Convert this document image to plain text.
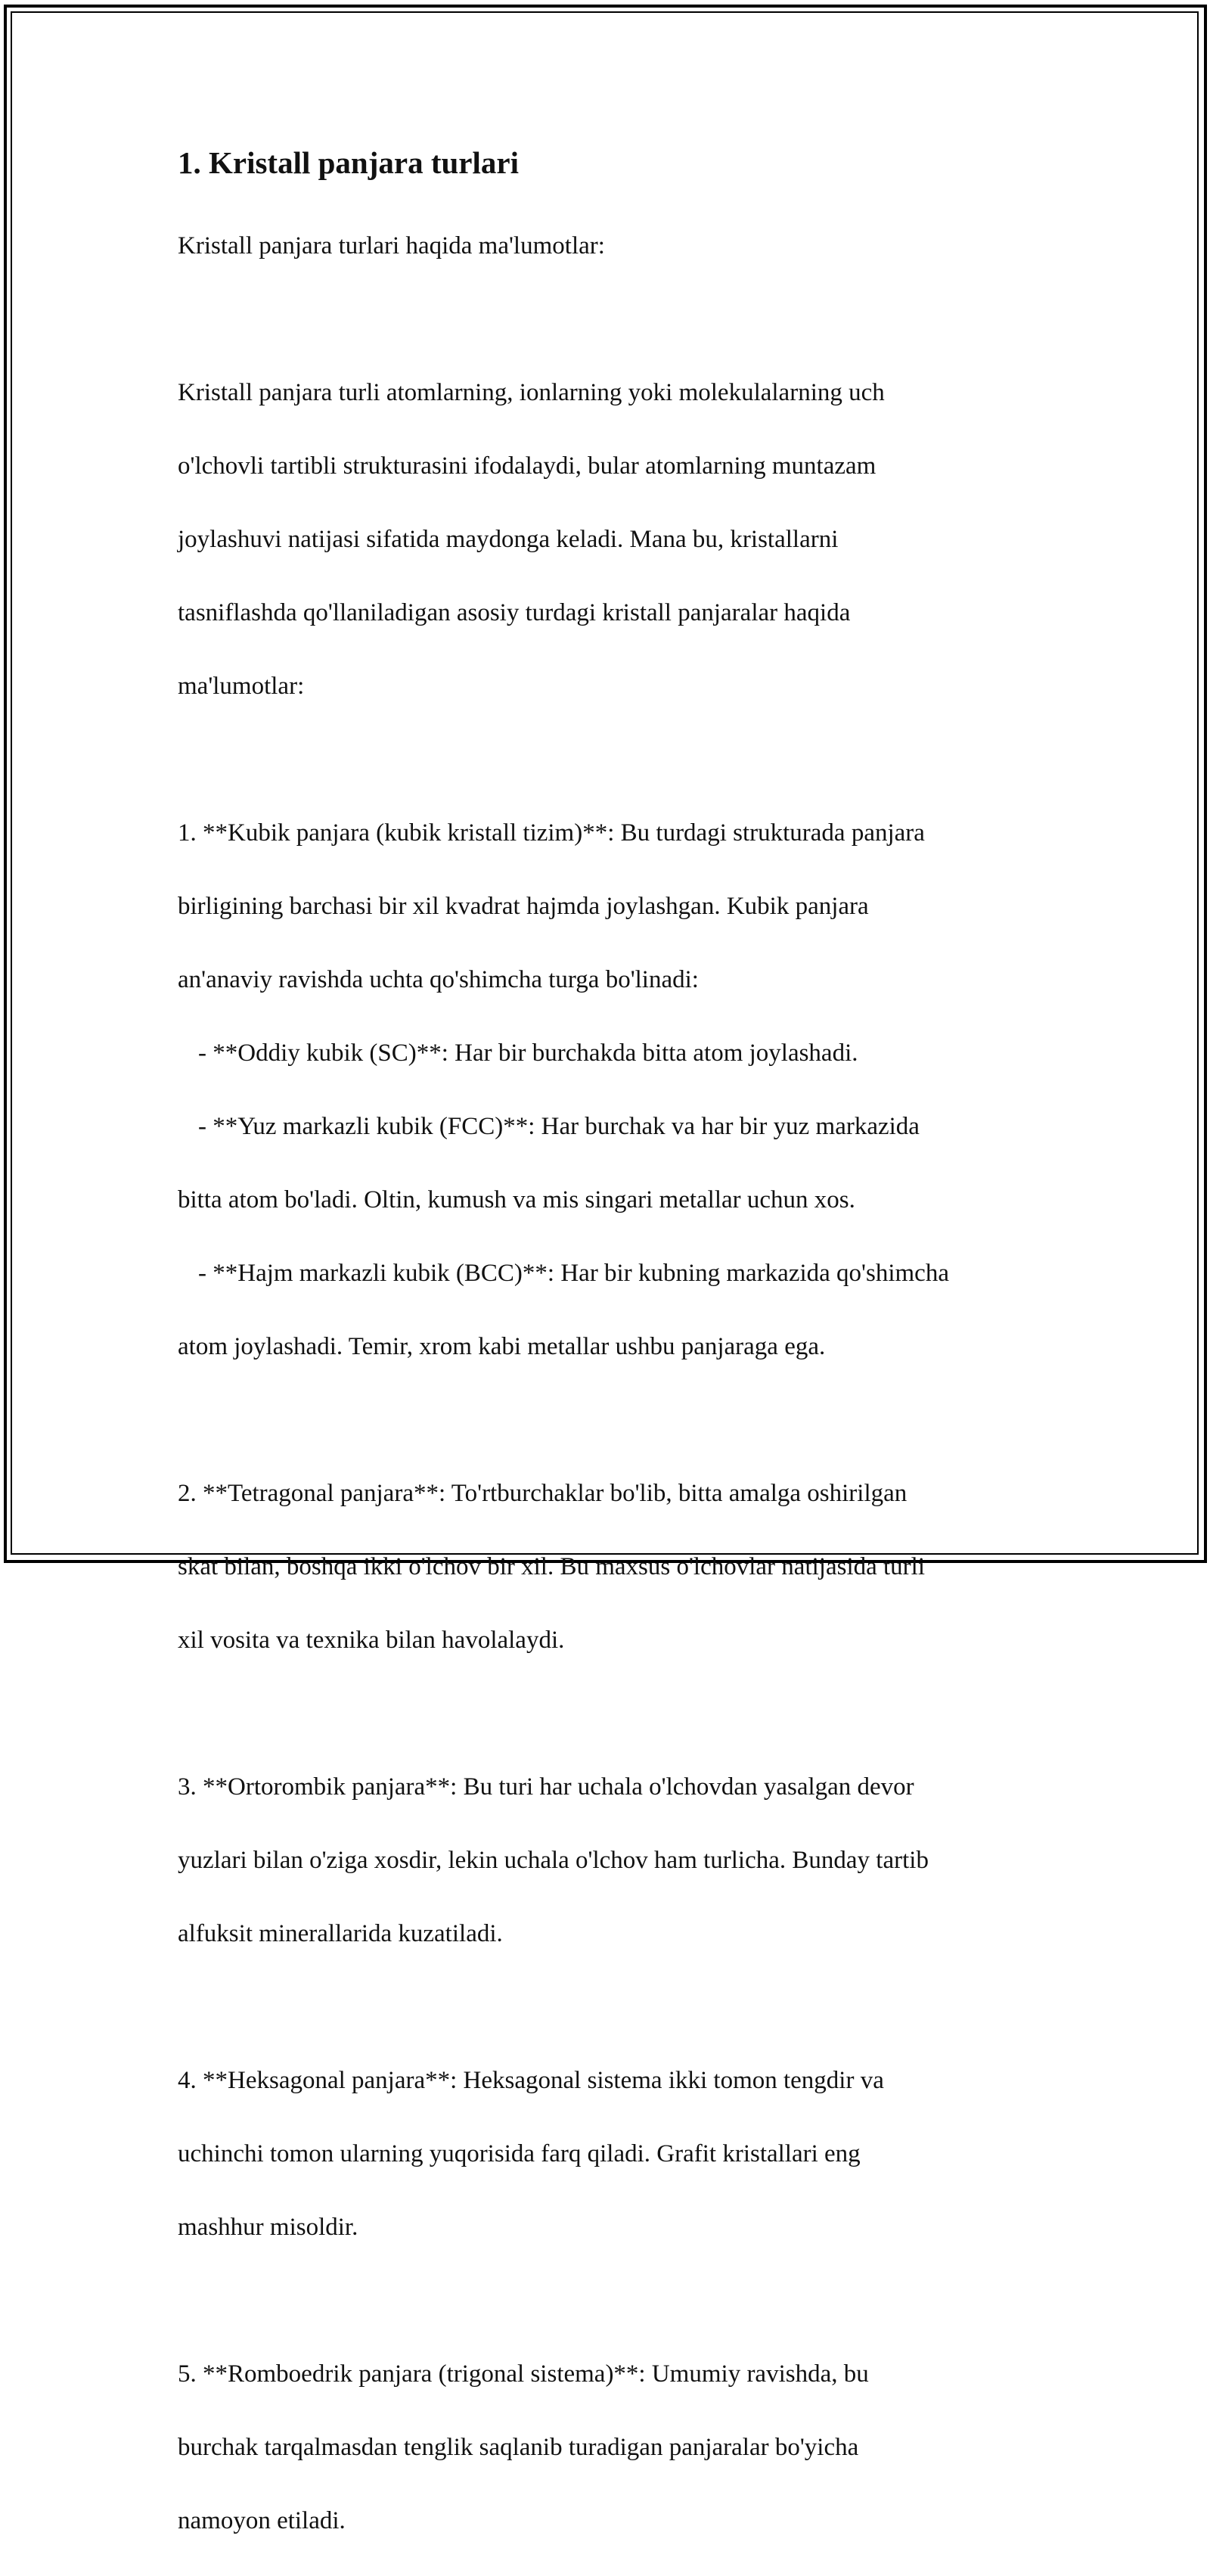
1. Kristall panjara turlari

Kristall panjara turlari haqida ma'lumotlar:

Kristall panjara turli atomlarning, ionlarning yoki molekulalarning uch

o'lchovli tartibli strukturasini ifodalaydi, bular atomlarning muntazam

joylashuvi natijasi sifatida maydonga keladi. Mana bu, kristallarni

tasniflashda qo'llaniladigan asosiy turdagi kristall panjaralar haqida

ma'lumotlar:

1. **Kubik panjara (kubik kristall tizim)**: Bu turdagi strukturada panjara

birligining barchasi bir xil kvadrat hajmda joylashgan. Kubik panjara

an'anaviy ravishda uchta qo'shimcha turga bo'linadi:

- **Oddiy kubik (SC)**: Har bir burchakda bitta atom joylashadi.

- **Yuz markazli kubik (FCC)**: Har burchak va har bir yuz markazida

bitta atom bo'ladi. Oltin, kumush va mis singari metallar uchun xos.

- **Hajm markazli kubik (BCC)**: Har bir kubning markazida qo'shimcha

atom joylashadi. Temir, xrom kabi metallar ushbu panjaraga ega.

2. **Tetragonal panjara**: To'rtburchaklar bo'lib, bitta amalga oshirilgan

skat bilan, boshqa ikki o'lchov bir xil. Bu maxsus o'lchovlar natijasida turli

xil vosita va texnika bilan havolalaydi.

3. **Ortorombik panjara**: Bu turi har uchala o'lchovdan yasalgan devor

yuzlari bilan o'ziga xosdir, lekin uchala o'lchov ham turlicha. Bunday tartib

alfuksit minerallarida kuzatiladi.

4. **Heksagonal panjara**: Heksagonal sistema ikki tomon tengdir va

uchinchi tomon ularning yuqorisida farq qiladi. Grafit kristallari eng

mashhur misoldir.

5. **Romboedrik panjara (trigonal sistema)**: Umumiy ravishda, bu

burchak tarqalmasdan tenglik saqlanib turadigan panjaralar bo'yicha

namoyon etiladi.
